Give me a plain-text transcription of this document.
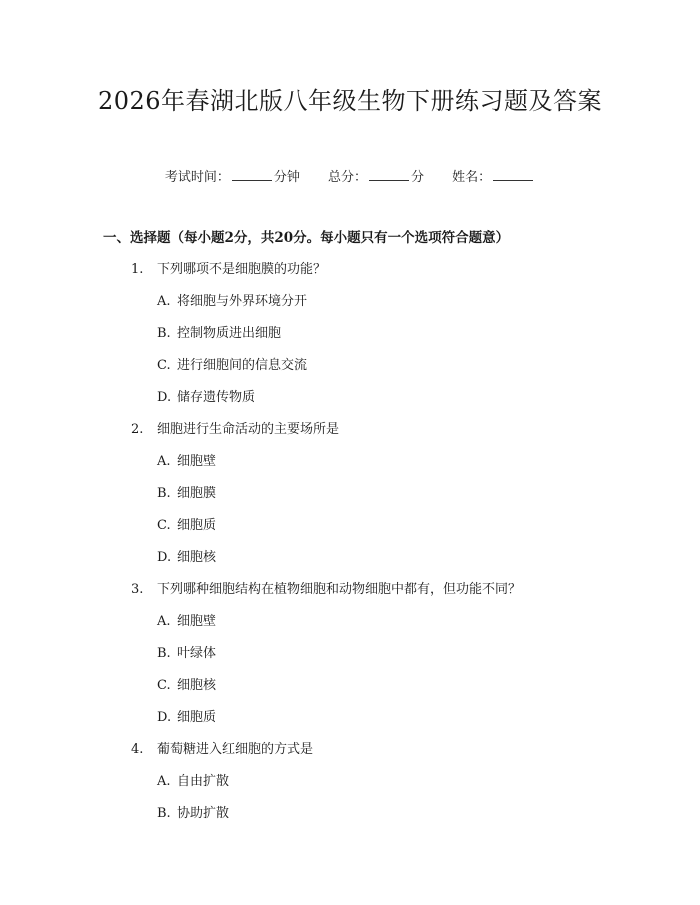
2026年春湖北版八年级生物下册练习题及答案
考试时间：	分钟 总分：	分 姓名：
一、选择题（每小题2分，共20分。每小题只有一个选项符合题意）
1. 下列哪项不是细胞膜的功能？
A. 将细胞与外界环境分开
B. 控制物质进出细胞
C. 进行细胞间的信息交流
D. 储存遗传物质
2. 细胞进行生命活动的主要场所是
A. 细胞壁
B. 细胞膜
C. 细胞质
D. 细胞核
3. 下列哪种细胞结构在植物细胞和动物细胞中都有，但功能不同？
A. 细胞壁
B. 叶绿体
C. 细胞核
D. 细胞质
4. 葡萄糖进入红细胞的方式是
A. 自由扩散
B. 协助扩散
